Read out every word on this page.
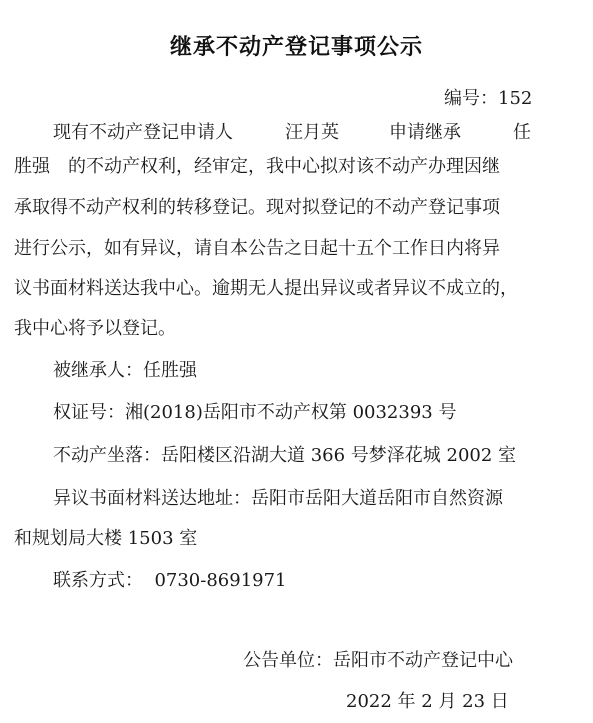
继承不动产登记事项公示
编号：152
现有不动产登记申请人	汪月英	申请继承	任
胜强 的不动产权利，经审定，我中心拟对该不动产办理因继
承取得不动产权利的转移登记。现对拟登记的不动产登记事项
进行公示，如有异议，请自本公告之日起十五个工作日内将异
议书面材料送达我中心。逾期无人提出异议或者异议不成立的，
我中心将予以登记。
被继承人：任胜强
权证号：湘(2018)岳阳市不动产权第 0032393 号
不动产坐落：岳阳楼区沿湖大道 366 号梦泽花城 2002 室
异议书面材料送达地址：岳阳市岳阳大道岳阳市自然资源
和规划局大楼 1503 室
联系方式：  0730-8691971
公告单位：岳阳市不动产登记中心
2022 年 2 月 23 日
